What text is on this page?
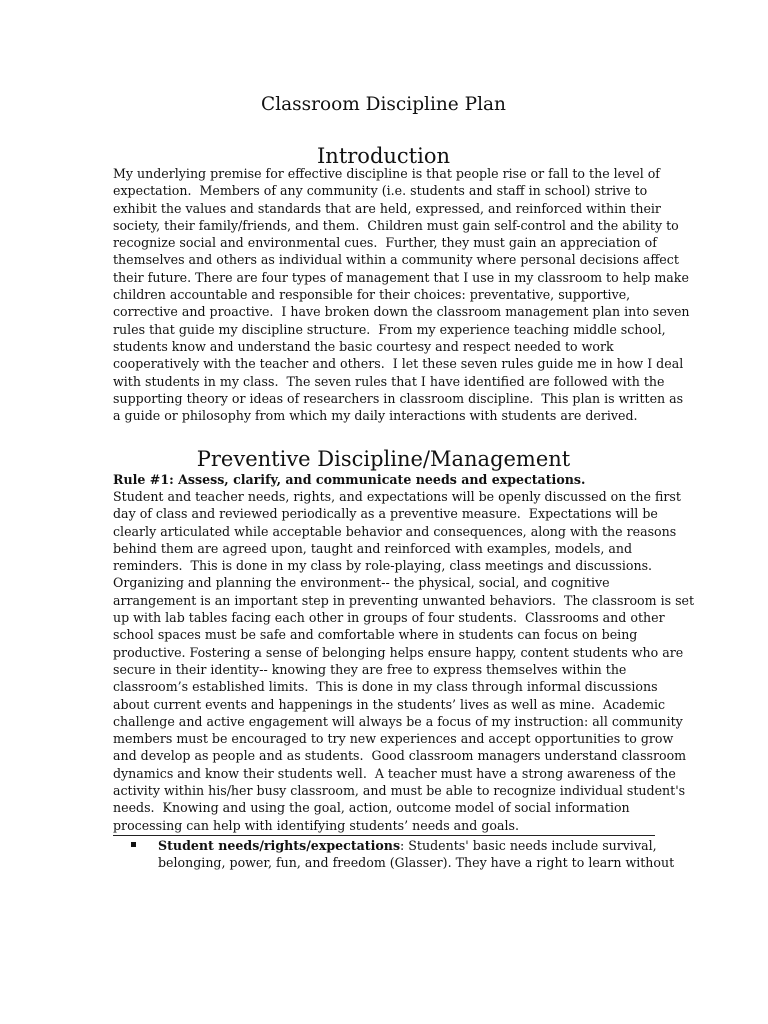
Classroom Discipline Plan
Introduction
My underlying premise for effective discipline is that people rise or fall to the level of
expectation.  Members of any community (i.e. students and staff in school) strive to
exhibit the values and standards that are held, expressed, and reinforced within their
society, their family/friends, and them.  Children must gain self-control and the ability to
recognize social and environmental cues.  Further, they must gain an appreciation of
themselves and others as individual within a community where personal decisions affect
their future. There are four types of management that I use in my classroom to help make
children accountable and responsible for their choices: preventative, supportive,
corrective and proactive.  I have broken down the classroom management plan into seven
rules that guide my discipline structure.  From my experience teaching middle school,
students know and understand the basic courtesy and respect needed to work
cooperatively with the teacher and others.  I let these seven rules guide me in how I deal
with students in my class.  The seven rules that I have identified are followed with the
supporting theory or ideas of researchers in classroom discipline.  This plan is written as
a guide or philosophy from which my daily interactions with students are derived.
Preventive Discipline/Management

Rule #1: Assess, clarify, and communicate needs and expectations.

Student and teacher needs, rights, and expectations will be openly discussed on the first
day of class and reviewed periodically as a preventive measure.  Expectations will be
clearly articulated while acceptable behavior and consequences, along with the reasons
behind them are agreed upon, taught and reinforced with examples, models, and
reminders.  This is done in my class by role-playing, class meetings and discussions.
Organizing and planning the environment-- the physical, social, and cognitive
arrangement is an important step in preventing unwanted behaviors.  The classroom is set
up with lab tables facing each other in groups of four students.  Classrooms and other
school spaces must be safe and comfortable where in students can focus on being
productive. Fostering a sense of belonging helps ensure happy, content students who are
secure in their identity-- knowing they are free to express themselves within the
classroom’s established limits.  This is done in my class through informal discussions
about current events and happenings in the students’ lives as well as mine.  Academic
challenge and active engagement will always be a focus of my instruction: all community
members must be encouraged to try new experiences and accept opportunities to grow
and develop as people and as students.  Good classroom managers understand classroom
dynamics and know their students well.  A teacher must have a strong awareness of the
activity within his/her busy classroom, and must be able to recognize individual student's
needs.  Knowing and using the goal, action, outcome model of social information
processing can help with identifying students’ needs and goals.
Student needs/rights/expectations: Students' basic needs include survival,
belonging, power, fun, and freedom (Glasser). They have a right to learn without
